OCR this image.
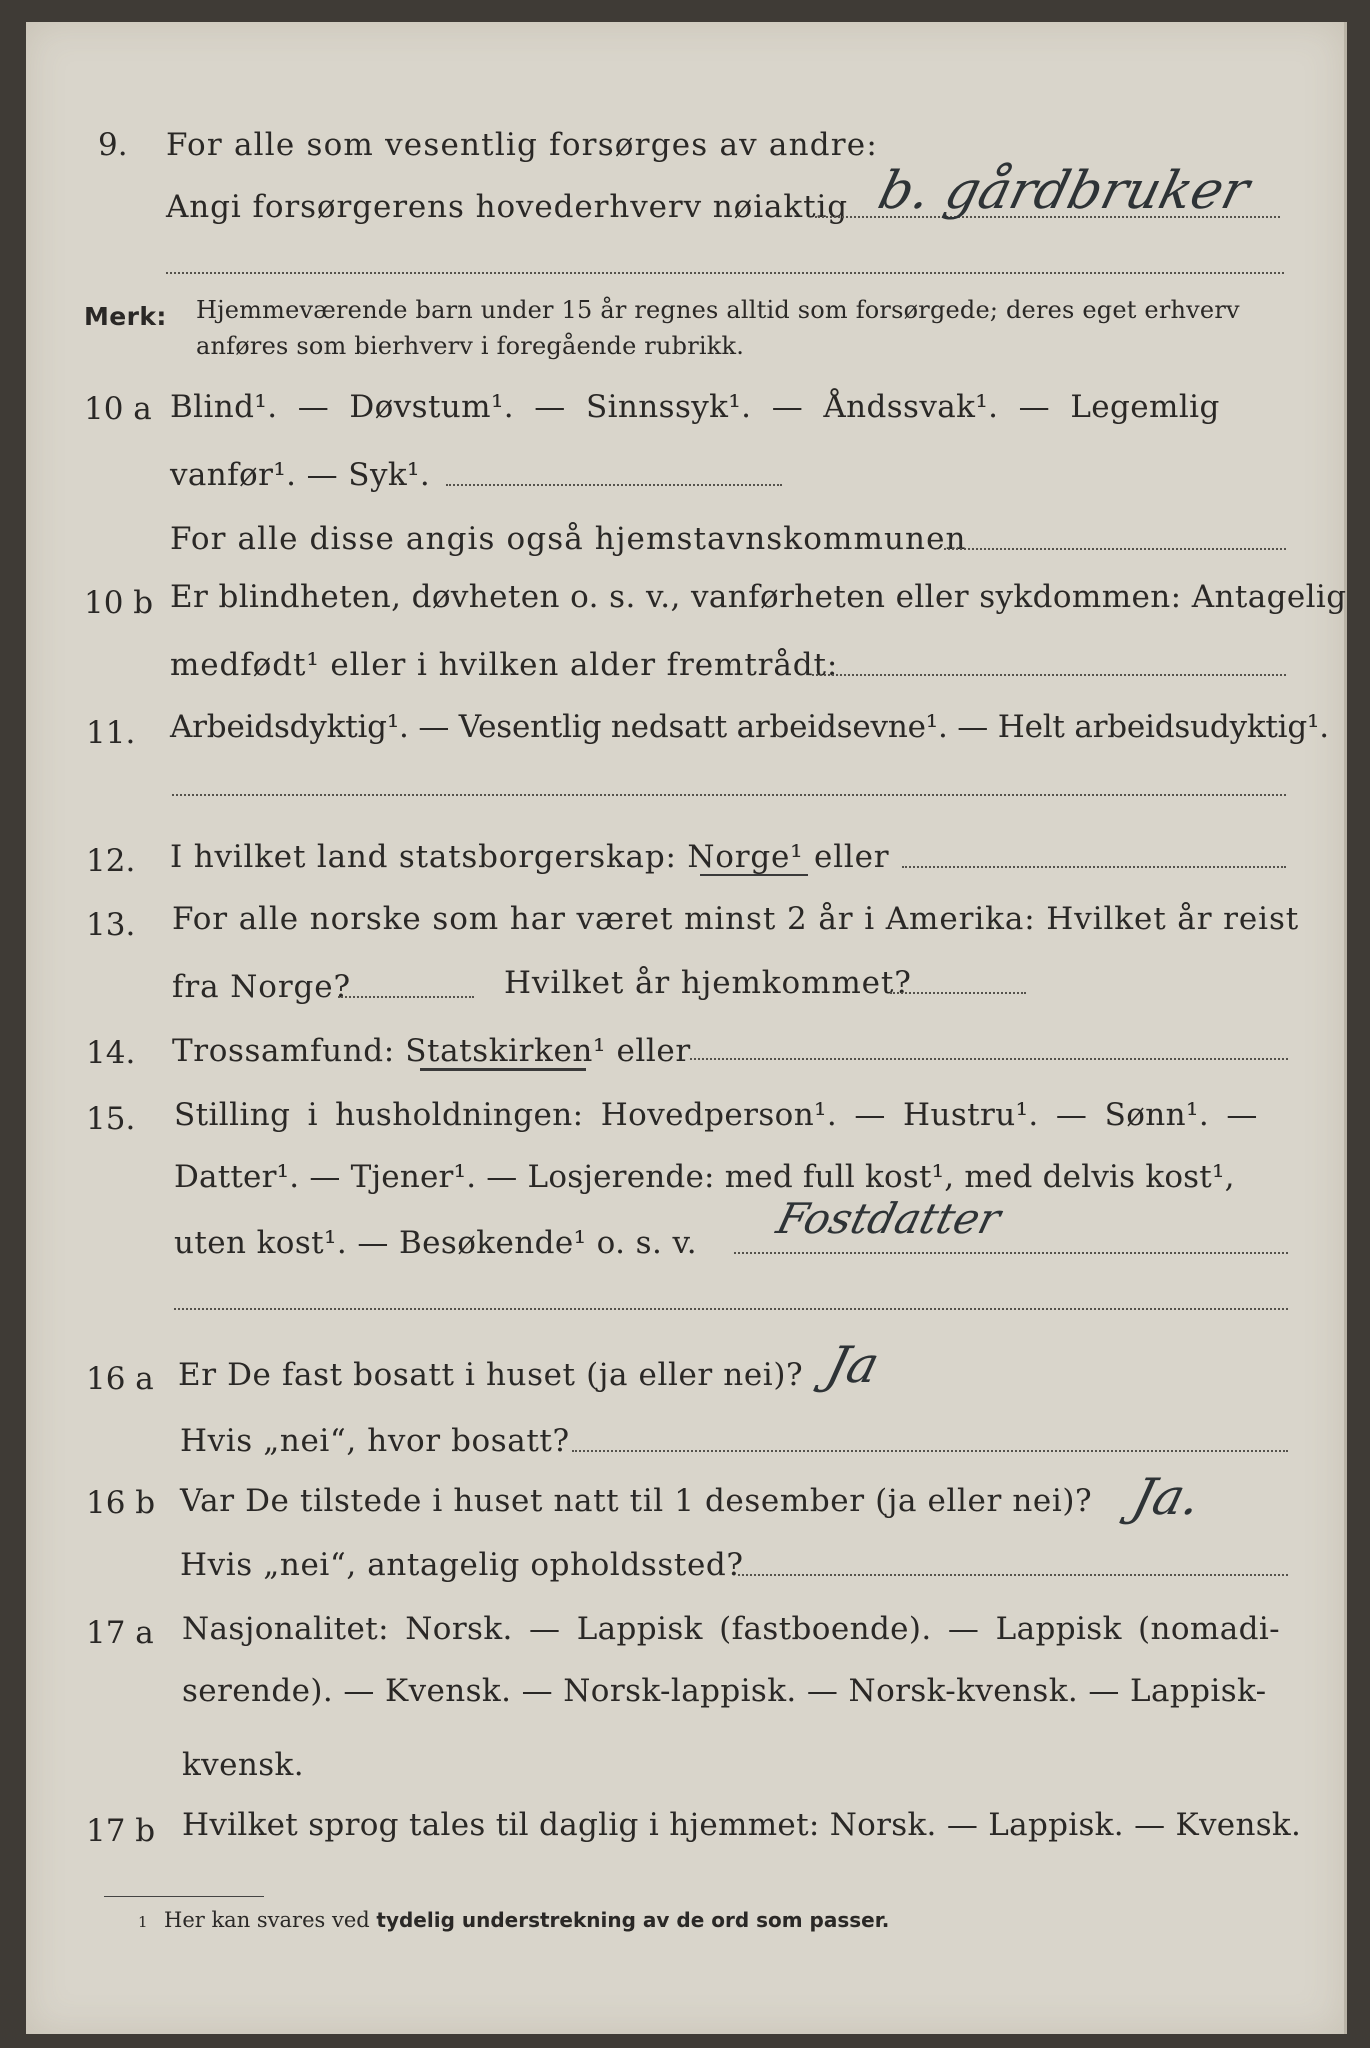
9. For alle som vesentlig forsørges av andre:
Angi forsørgerens hovederhverv nøiaktig b. gårdbruker
Merk: Hjemmeværende barn under 15 år regnes alltid som forsørgede; deres eget erhverv
anføres som bierhverv i foregående rubrikk.
10 a Blind¹. — Døvstum¹. — Sinnssyk¹. — Åndssvak¹. — Legemlig
vanfør¹. — Syk¹.
For alle disse angis også hjemstavnskommunen
10 b Er blindheten, døvheten o. s. v., vanførheten eller sykdommen: Antagelig
medfødt¹ eller i hvilken alder fremtrådt:
11. Arbeidsdyktig¹. — Vesentlig nedsatt arbeidsevne¹. — Helt arbeidsudyktig¹.
12. I hvilket land statsborgerskap: Norge¹ eller
13. For alle norske som har været minst 2 år i Amerika: Hvilket år reist
fra Norge?	Hvilket år hjemkommet?
14. Trossamfund: Statskirken¹ eller
15. Stilling i husholdningen: Hovedperson¹. — Hustru¹. — Sønn¹. —
Datter¹. — Tjener¹. — Losjerende: med full kost¹, med delvis kost¹,
uten kost¹. — Besøkende¹ o. s. v. Fostdatter
16 a Er De fast bosatt i huset (ja eller nei)? Ja
Hvis „nei“, hvor bosatt?
16 b Var De tilstede i huset natt til 1 desember (ja eller nei)? Ja.
Hvis „nei“, antagelig opholdssted?
17 a Nasjonalitet: Norsk. — Lappisk (fastboende). — Lappisk (nomadi-
serende). — Kvensk. — Norsk-lappisk. — Norsk-kvensk. — Lappisk-
kvensk.
17 b Hvilket sprog tales til daglig i hjemmet: Norsk. — Lappisk. — Kvensk.
1 Her kan svares ved tydelig understrekning av de ord som passer.
